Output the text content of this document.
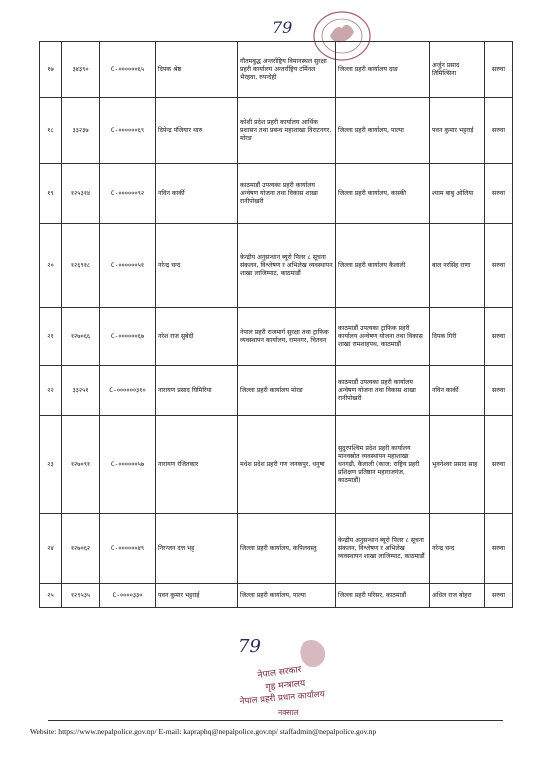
79
१७	३४३९०	C-००००००६५	दिपक श्रेष्ठ	गौतमबुद्ध अन्तर्राष्ट्रिय विमानस्थल सुरक्षा प्रहरी कार्यालय अन्तर्राष्ट्रिय टर्मिनल भैरहवा, रुपन्देही	जिल्ला प्रहरी कार्यालय दाङ	अर्जुन प्रसाद तिमिल्सिना	सरुवा
१८	३३२३७	C-००००००६९	दिपेन्द्र पंजियार थारु	कोशी प्रदेश प्रहरी कार्यालय आर्थिक प्रशासन तथा प्रबन्ध महाशाखा विराटनगर, मोरङ	जिल्ला प्रहरी कार्यालय, पाल्पा	पवन कुमार भट्टराई	सरुवा
१९	१२५३१४	C-००००००९२	नविन कार्की	काठमाडौं उपत्यका प्रहरी कार्यालय अन्वेषण योजना तथा विकास शाखा रानीपोखरी	जिल्ला प्रहरी कार्यालय, कास्की	श्याम बाबु ओलिया	सरुवा
२०	१२६९१८	C-००००००५१	नरेन्द्र चन्द	केन्द्रीय अनुसन्धान ब्यूरो पिलर ८ सूचना संकलन, विश्लेषण र अभिलेख व्यवस्थापन शाखा लाजिम्पाट, काठमाडौं	जिल्ला प्रहरी कार्यालय कैलाली	बाल नरसिंह राणा	सरुवा
२१	१२७०६६	C-००००००६७	नरेश राज सुबेदी	नेपाल प्रहरी राजमार्ग सुरक्षा तथा ट्राफिक व्यवस्थापन कार्यालय, रामनगर, चितवन	काठमाडौं उपत्यका ट्राफिक प्रहरी कार्यालय अन्वेषण योजना तथा विकास शाखा रामशाहपथ, काठमाडौं	दिपक गिरी	सरुवा
२२	३३२५१	C-००००००३१०	नारायण प्रसाद घिमिरिया	जिल्ला प्रहरी कार्यालय मोरङ	काठमाडौं उपत्यका प्रहरी कार्यालय अन्वेषण योजना तथा विकास शाखा रानीपोखरी	नविन कार्की	सरुवा
२३	१२७०९१	C-००००००५७	नारायण रंजितकार	मधेश प्रदेश प्रहरी गण जनकपुर, धनुषा	सुदूरपश्चिम प्रदेश प्रहरी कार्यालय मानवस्रोत व्यवस्थापन महाशाखा धनगढी, कैलाली (काज: राष्ट्रिय प्रहरी प्रशिक्षण प्रतिष्ठान महाराजगंज, काठमाडौं)	भुवनेश्वर प्रसाद साह	सरुवा
२४	१२७०६२	C-००००००४९	निरन्जन दत्त भट्ट	जिल्ला प्रहरी कार्यालय, कपिलवस्तु	केन्द्रीय अनुसन्धान ब्यूरो पिलर ८ सूचना संकलन, विश्लेषण र अभिलेख व्यवस्थापन शाखा लाजिम्पाट, काठमाडौं	नरेन्द्र चन्द	सरुवा
२५	१२९५३५	C-००००३३०	पवन कुमार भट्टराई	जिल्ला प्रहरी कार्यालय, पाल्पा	जिल्ला प्रहरी परिसर, काठमाडौं	अधिल राज बोहरा	सरुवा
79
नेपाल सरकार
गृह मन्त्रालय
नेपाल प्रहरी प्रधान कार्यालय
नक्साल
Website: https://www.nepalpolice.gov.np/ E-mail: kapraphq@nepalpolice.gov.np/ staffadmin@nepalpolice.gov.np
